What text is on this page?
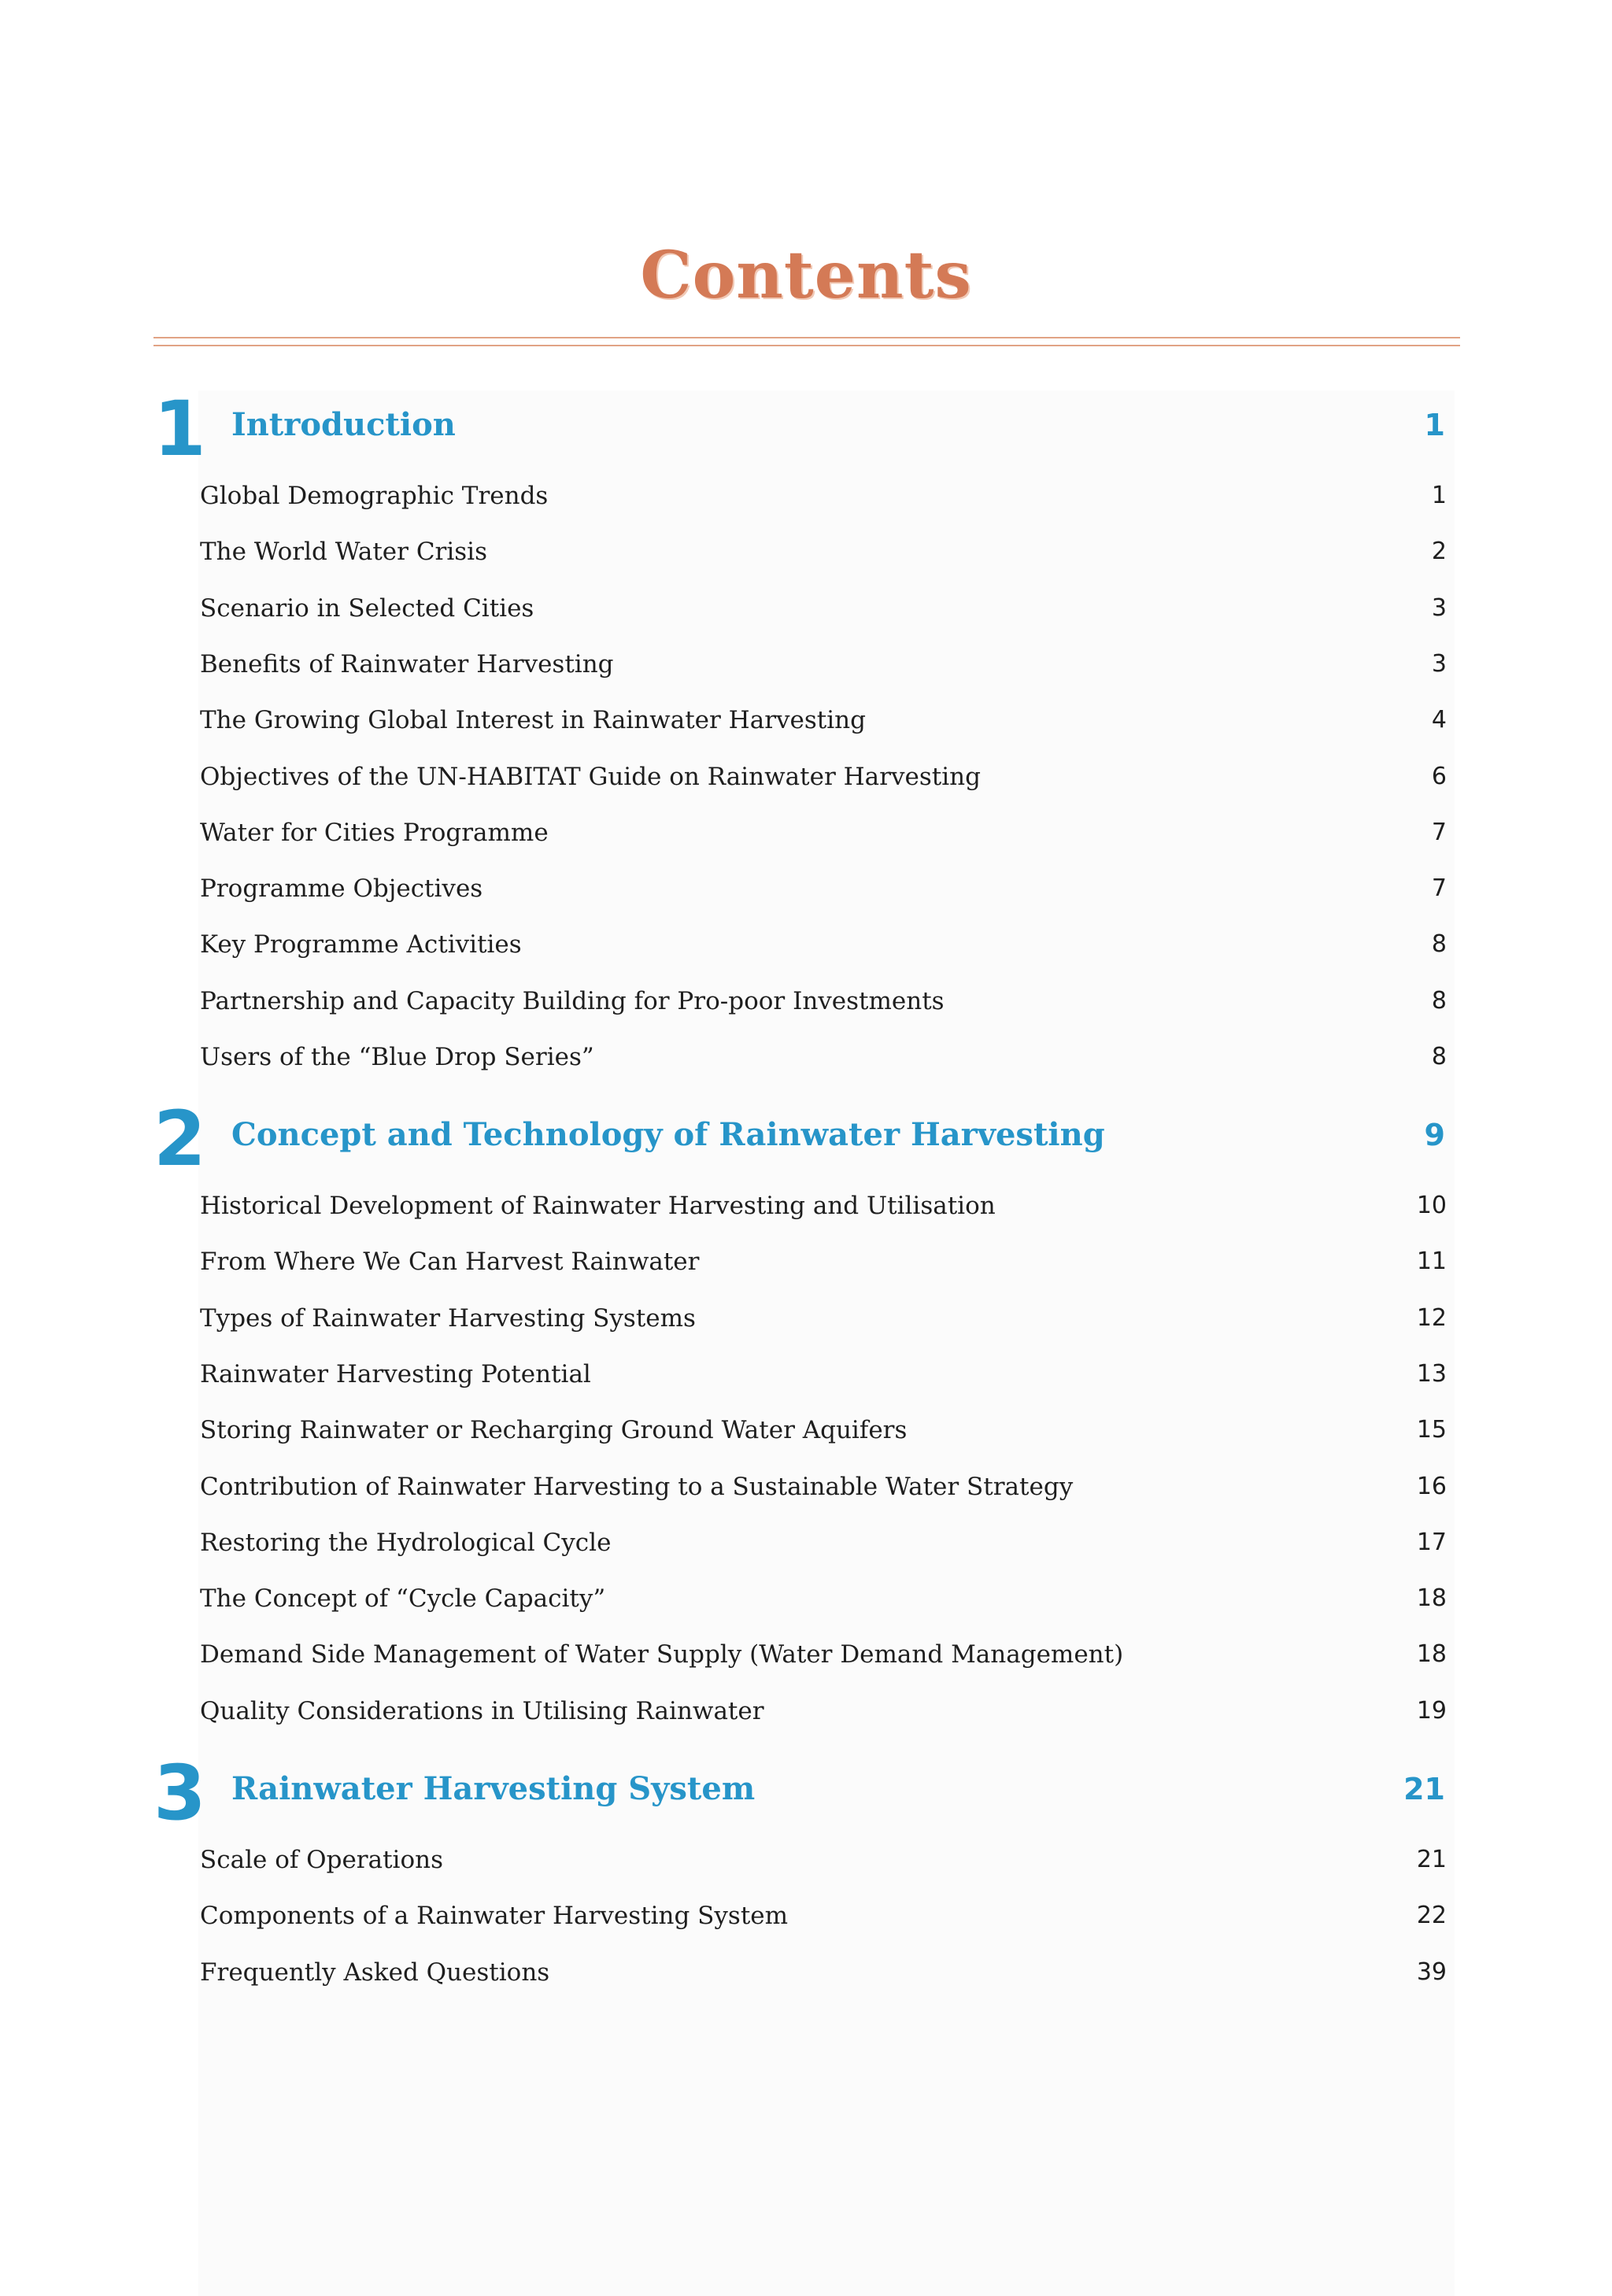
Contents
1 Introduction	1
Global Demographic Trends	1
The World Water Crisis	2
Scenario in Selected Cities	3
Benefits of Rainwater Harvesting	3
The Growing Global Interest in Rainwater Harvesting	4
Objectives of the UN-HABITAT Guide on Rainwater Harvesting	6
Water for Cities Programme	7
Programme Objectives	7
Key Programme Activities	8
Partnership and Capacity Building for Pro-poor Investments	8
Users of the “Blue Drop Series”	8
2 Concept and Technology of Rainwater Harvesting	9
Historical Development of Rainwater Harvesting and Utilisation	10
From Where We Can Harvest Rainwater	11
Types of Rainwater Harvesting Systems	12
Rainwater Harvesting Potential	13
Storing Rainwater or Recharging Ground Water Aquifers	15
Contribution of Rainwater Harvesting to a Sustainable Water Strategy	16
Restoring the Hydrological Cycle	17
The Concept of “Cycle Capacity”	18
Demand Side Management of Water Supply (Water Demand Management)	18
Quality Considerations in Utilising Rainwater	19
3 Rainwater Harvesting System	21
Scale of Operations	21
Components of a Rainwater Harvesting System	22
Frequently Asked Questions	39
